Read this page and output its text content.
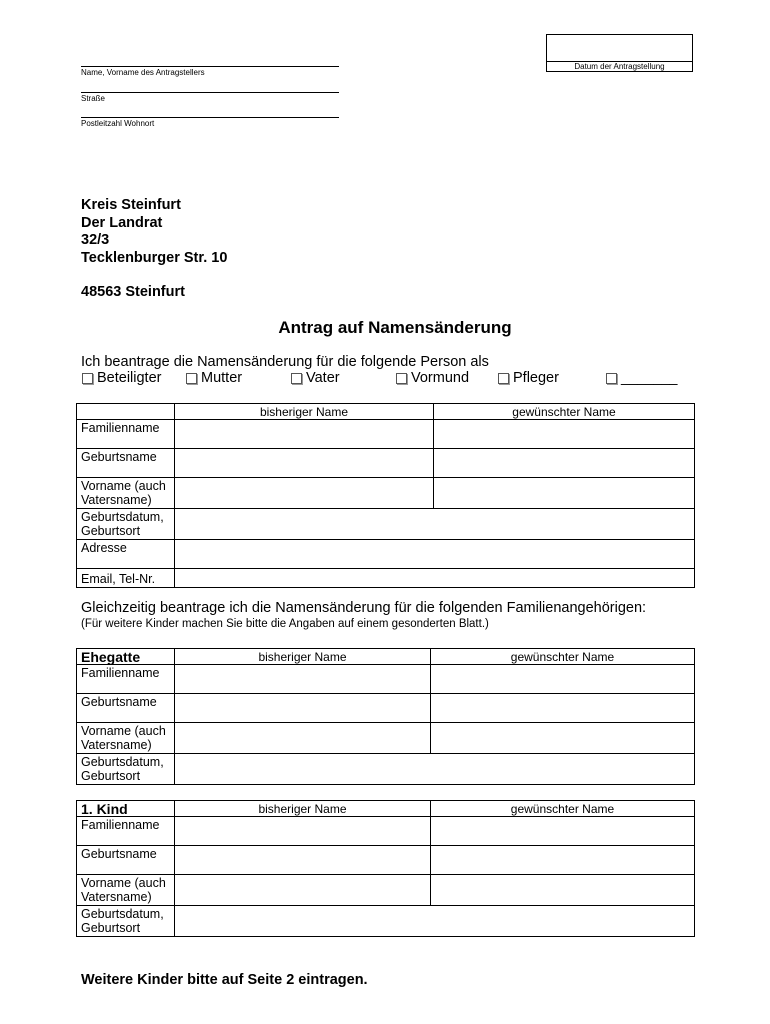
Name, Vorname des Antragstellers
Straße
Postleitzahl Wohnort
Datum der Antragstellung
Kreis Steinfurt
Der Landrat
32/3
Tecklenburger Str. 10
48563 Steinfurt
Antrag auf Namensänderung
Ich beantrage die Namensänderung für die folgende Person als
Beteiligter	Mutter	Vater	Vormund	Pfleger	_______
	bisheriger Name	gewünschter Name
Familienname		
Geburtsname		
Vorname (auch Vatersname)		
Geburtsdatum, Geburtsort		
Adresse		
Email, Tel-Nr.		
Gleichzeitig beantrage ich die Namensänderung für die folgenden Familienangehörigen:
(Für weitere Kinder machen Sie bitte die Angaben auf einem gesonderten Blatt.)
Ehegatte	bisheriger Name	gewünschter Name
Familienname		
Geburtsname		
Vorname (auch Vatersname)		
Geburtsdatum, Geburtsort		
1. Kind	bisheriger Name	gewünschter Name
Familienname		
Geburtsname		
Vorname (auch Vatersname)		
Geburtsdatum, Geburtsort		
Weitere Kinder bitte auf Seite 2 eintragen.
